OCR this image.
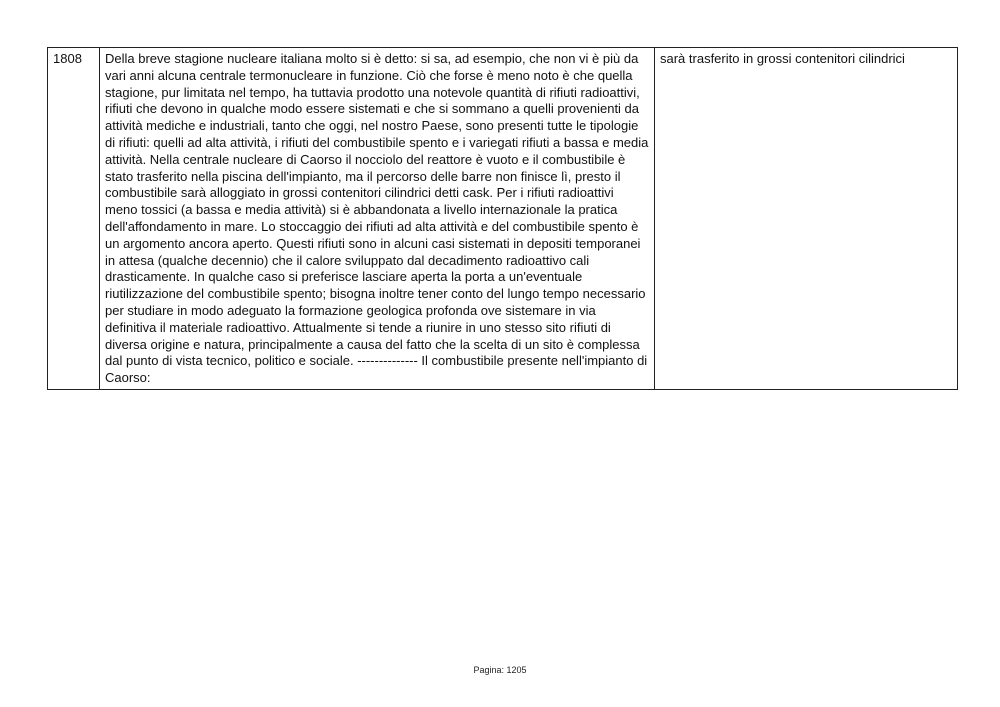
1808	Della breve stagione nucleare italiana molto si è detto: si sa, ad esempio, che non vi è più da vari anni alcuna centrale termonucleare in funzione. Ciò che forse è meno noto è che quella stagione, pur limitata nel tempo, ha tuttavia prodotto una notevole quantità di rifiuti radioattivi, rifiuti che devono in qualche modo essere sistemati e che si sommano a quelli provenienti da attività mediche e industriali, tanto che oggi, nel nostro Paese, sono presenti tutte le tipologie di rifiuti: quelli ad alta attività, i rifiuti del combustibile spento e i variegati rifiuti a bassa e media attività. Nella centrale nucleare di Caorso il nocciolo del reattore è vuoto e il combustibile è stato trasferito nella piscina dell'impianto, ma il percorso delle barre non finisce lì, presto il combustibile sarà alloggiato in grossi contenitori cilindrici detti cask. Per i rifiuti radioattivi meno tossici (a bassa e media attività) si è abbandonata a livello internazionale la pratica dell'affondamento in mare. Lo stoccaggio dei rifiuti ad alta attività e del combustibile spento è un argomento ancora aperto. Questi rifiuti sono in alcuni casi sistemati in depositi temporanei in attesa (qualche decennio) che il calore sviluppato dal decadimento radioattivo cali drasticamente. In qualche caso si preferisce lasciare aperta la porta a un'eventuale riutilizzazione del combustibile spento; bisogna inoltre tener conto del lungo tempo necessario per studiare in modo adeguato la formazione geologica profonda ove sistemare in via definitiva il materiale radioattivo. Attualmente si tende a riunire in uno stesso sito rifiuti di diversa origine e natura, principalmente a causa del fatto che la scelta di un sito è complessa dal punto di vista tecnico, politico e sociale. -------------- Il combustibile presente nell'impianto di Caorso:	sarà trasferito in grossi contenitori cilindrici
Pagina: 1205
